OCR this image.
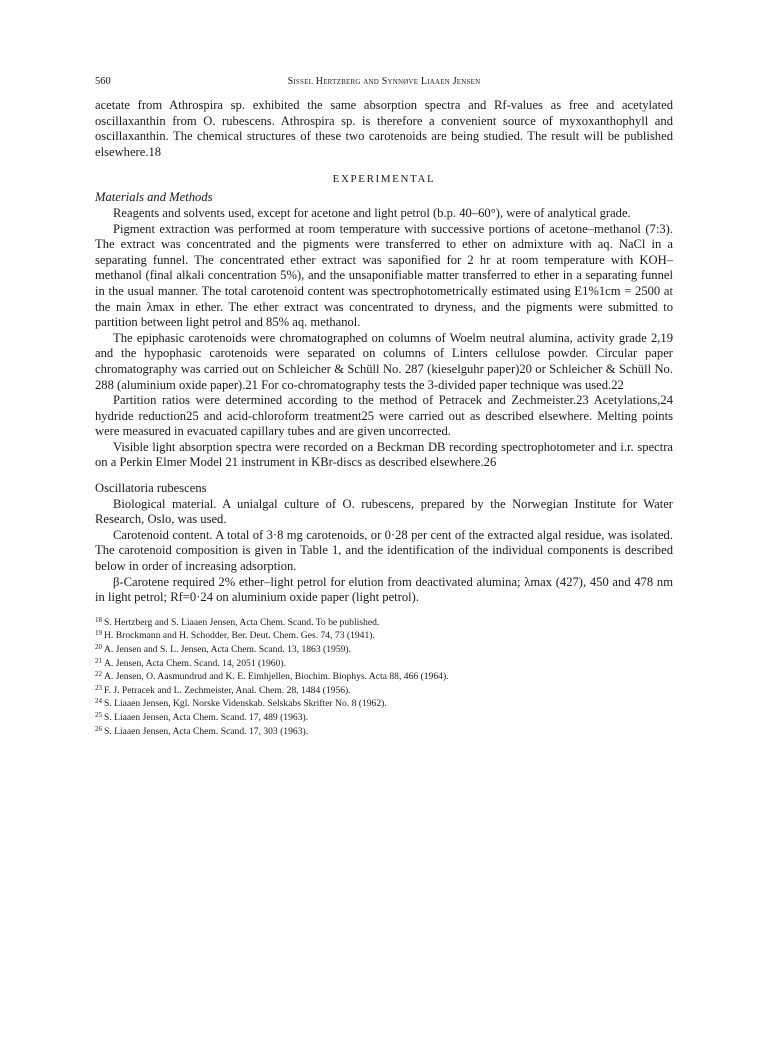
560	Sissel Hertzberg and Synnøve Liaaen Jensen

acetate from Athrospira sp. exhibited the same absorption spectra and Rf-values as free and acetylated oscillaxanthin from O. rubescens. Athrospira sp. is therefore a convenient source of myxoxanthophyll and oscillaxanthin. The chemical structures of these two carotenoids are being studied. The result will be published elsewhere.18

EXPERIMENTAL
Materials and Methods

Reagents and solvents used, except for acetone and light petrol (b.p. 40–60°), were of analytical grade.

Pigment extraction was performed at room temperature with successive portions of acetone–methanol (7:3). The extract was concentrated and the pigments were transferred to ether on admixture with aq. NaCl in a separating funnel. The concentrated ether extract was saponified for 2 hr at room temperature with KOH–methanol (final alkali concentration 5%), and the unsaponifiable matter transferred to ether in a separating funnel in the usual manner. The total carotenoid content was spectrophotometrically estimated using E1%1cm = 2500 at the main λmax in ether. The ether extract was concentrated to dryness, and the pigments were submitted to partition between light petrol and 85% aq. methanol.

The epiphasic carotenoids were chromatographed on columns of Woelm neutral alumina, activity grade 2,19 and the hypophasic carotenoids were separated on columns of Linters cellulose powder. Circular paper chromatography was carried out on Schleicher & Schüll No. 287 (kieselguhr paper)20 or Schleicher & Schüll No. 288 (aluminium oxide paper).21 For co-chromatography tests the 3-divided paper technique was used.22

Partition ratios were determined according to the method of Petracek and Zechmeister.23 Acetylations,24 hydride reduction25 and acid-chloroform treatment25 were carried out as described elsewhere. Melting points were measured in evacuated capillary tubes and are given uncorrected.

Visible light absorption spectra were recorded on a Beckman DB recording spectrophotometer and i.r. spectra on a Perkin Elmer Model 21 instrument in KBr-discs as described elsewhere.26

Oscillatoria rubescens

Biological material. A unialgal culture of O. rubescens, prepared by the Norwegian Institute for Water Research, Oslo, was used.

Carotenoid content. A total of 3·8 mg carotenoids, or 0·28 per cent of the extracted algal residue, was isolated. The carotenoid composition is given in Table 1, and the identification of the individual components is described below in order of increasing adsorption.

β-Carotene required 2% ether–light petrol for elution from deactivated alumina; λmax (427), 450 and 478 nm in light petrol; Rf=0·24 on aluminium oxide paper (light petrol).

$^{18}$ S. Hertzberg and S. Liaaen Jensen, Acta Chem. Scand. To be published.
$^{19}$ H. Brockmann and H. Schodder, Ber. Deut. Chem. Ges. 74, 73 (1941).
$^{20}$ A. Jensen and S. L. Jensen, Acta Chem. Scand. 13, 1863 (1959).
$^{21}$ A. Jensen, Acta Chem. Scand. 14, 2051 (1960).
$^{22}$ A. Jensen, O. Aasmundrud and K. E. Eimhjellen, Biochim. Biophys. Acta 88, 466 (1964).
$^{23}$ F. J. Petracek and L. Zechmeister, Anal. Chem. 28, 1484 (1956).
$^{24}$ S. Liaaen Jensen, Kgl. Norske Videnskab. Selskabs Skrifter No. 8 (1962).
$^{25}$ S. Liaaen Jensen, Acta Chem. Scand. 17, 489 (1963).
$^{26}$ S. Liaaen Jensen, Acta Chem. Scand. 17, 303 (1963).
